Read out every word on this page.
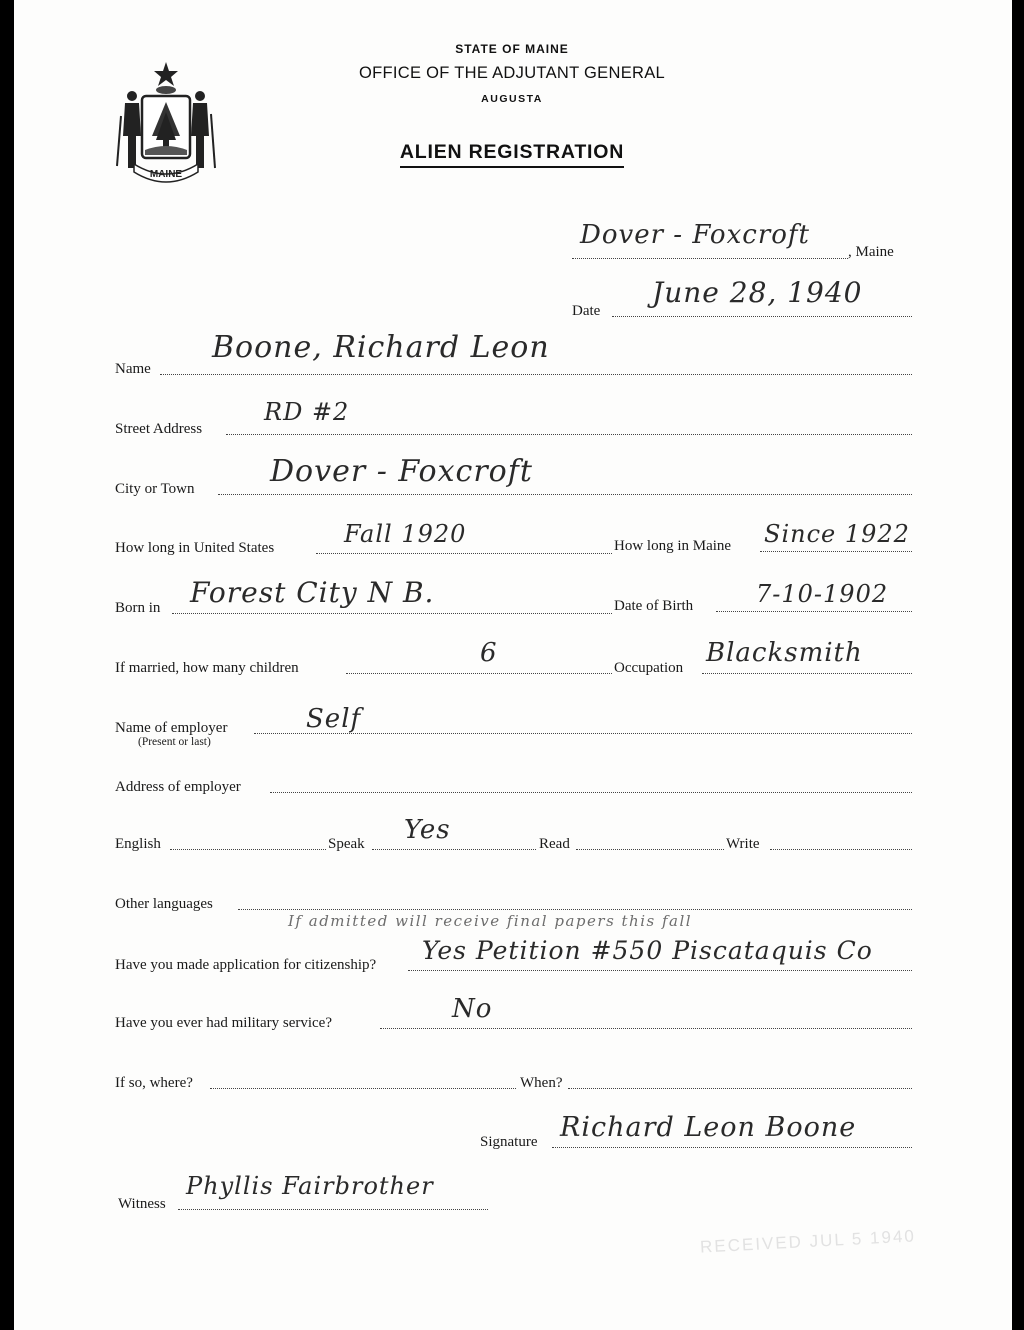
MAINE
STATE OF MAINE
OFFICE OF THE ADJUTANT GENERAL
AUGUSTA
ALIEN REGISTRATION
Dover - Foxcroft
, Maine
Date
June 28, 1940
Name
Boone, Richard Leon
Street Address
RD #2
City or Town	Dover - Foxcroft
How long in United States	Fall 1920	How long in Maine Since 1922
Born in Forest City N B.	Date of Birth	7-10-1902
If married, how many children	6	Occupation Blacksmith
Name of employer
(Present or last)
Self
Address of employer
English	Speak Yes	Read	Write
Other languages
If admitted will receive final papers this fall
Have you made application for citizenship? Yes Petition #550 Piscataquis Co
Have you ever had military service?	No
If so, where?	When?
Signature Richard Leon Boone
Witness
Phyllis Fairbrother
RECEIVED JUL 5 1940
